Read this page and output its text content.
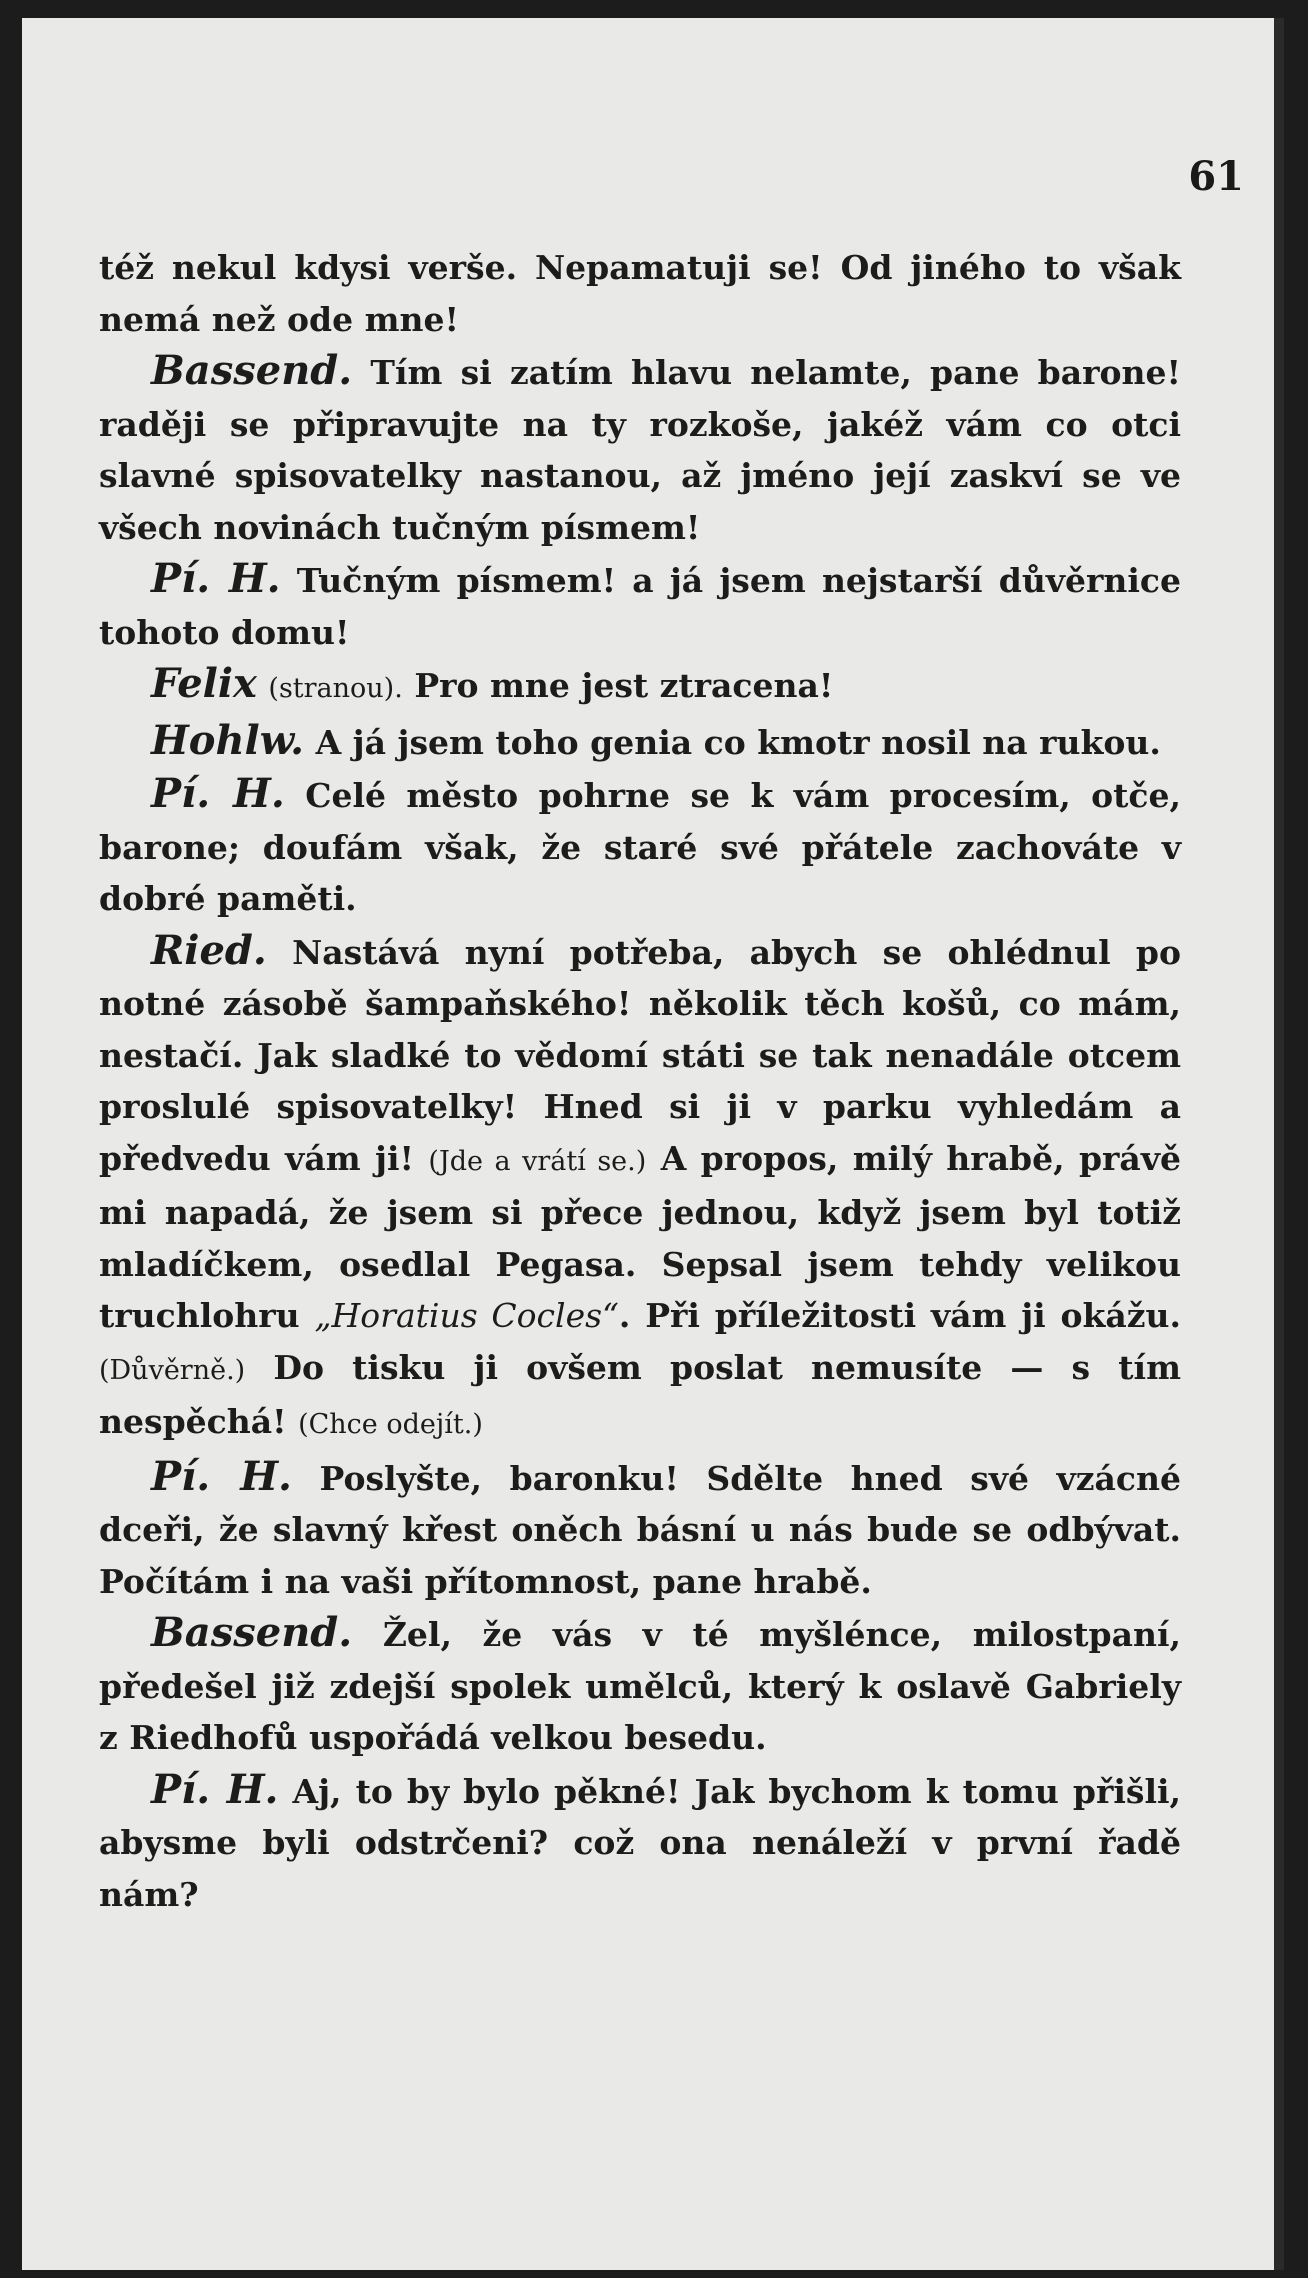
61

též nekul kdysi verše. Nepamatuji se! Od jiného to však nemá než ode mne!

Bassend. Tím si zatím hlavu nelamte, pane barone! raději se připravujte na ty rozkoše, jakéž vám co otci slavné spisovatelky nastanou, až jméno její zaskví se ve všech novinách tučným písmem!

Pí. H. Tučným písmem! a já jsem nejstarší důvěrnice tohoto domu!

Felix (stranou). Pro mne jest ztracena!

Hohlw. A já jsem toho genia co kmotr nosil na rukou.

Pí. H. Celé město pohrne se k vám procesím, otče, barone; doufám však, že staré své přátele zachováte v dobré paměti.

Ried. Nastává nyní potřeba, abych se ohlédnul po notné zásobě šampaňského! několik těch košů, co mám, nestačí. Jak sladké to vědomí státi se tak nenadále otcem proslulé spisovatelky! Hned si ji v parku vyhledám a předvedu vám ji! (Jde a vrátí se.) A propos, milý hrabě, právě mi napadá, že jsem si přece jednou, když jsem byl totiž mladíčkem, osedlal Pegasa. Sepsal jsem tehdy velikou truchlohru „Horatius Cocles“. Při příležitosti vám ji okážu. (Důvěrně.) Do tisku ji ovšem poslat nemusíte — s tím nespěchá! (Chce odejít.)

Pí. H. Poslyšte, baronku! Sdělte hned své vzácné dceři, že slavný křest oněch básní u nás bude se odbývat. Počítám i na vaši přítomnost, pane hrabě.

Bassend. Žel, že vás v té myšlénce, milostpaní, předešel již zdejší spolek umělců, který k oslavě Gabriely z Riedhofů uspořádá velkou besedu.

Pí. H. Aj, to by bylo pěkné! Jak bychom k tomu přišli, abysme byli odstrčeni? což ona nenáleží v první řadě nám?
